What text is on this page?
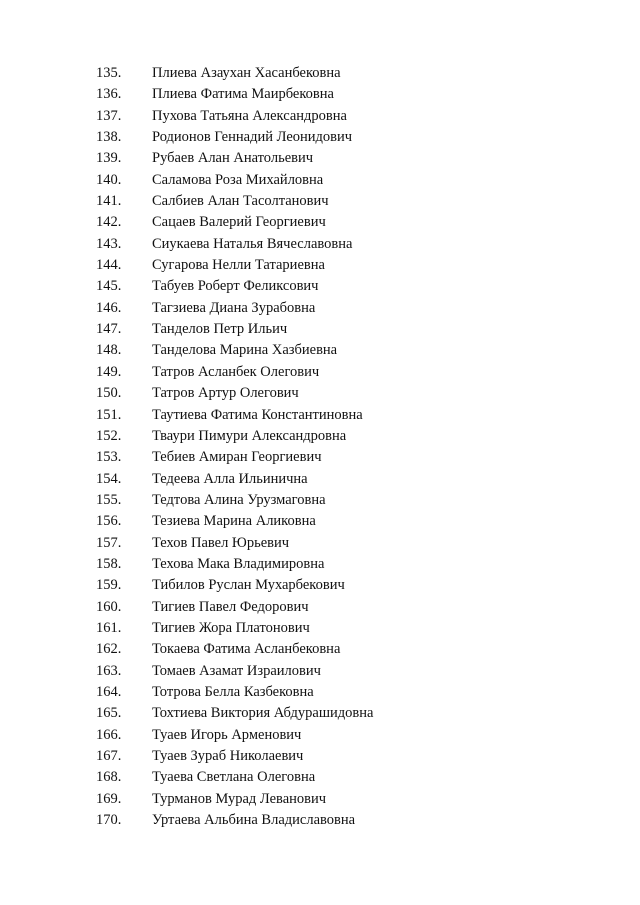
135.	Плиева Азаухан Хасанбековна
136.	Плиева Фатима Маирбековна
137.	Пухова Татьяна Александровна
138.	Родионов Геннадий Леонидович
139.	Рубаев Алан Анатольевич
140.	Саламова Роза Михайловна
141.	Салбиев Алан Тасолтанович
142.	Сацаев Валерий Георгиевич
143.	Сиукаева Наталья Вячеславовна
144.	Сугарова Нелли Татариевна
145.	Табуев Роберт Феликсович
146.	Тагзиева Диана Зурабовна
147.	Танделов Петр Ильич
148.	Танделова Марина Хазбиевна
149.	Татров Асланбек Олегович
150.	Татров Артур Олегович
151.	Таутиева Фатима Константиновна
152.	Тваури Пимури Александровна
153.	Тебиев Амиран Георгиевич
154.	Тедеева Алла Ильинична
155.	Тедтова Алина Урузмаговна
156.	Тезиева Марина Аликовна
157.	Техов Павел Юрьевич
158.	Техова Мака Владимировна
159.	Тибилов Руслан Мухарбекович
160.	Тигиев Павел Федорович
161.	Тигиев Жора Платонович
162.	Токаева Фатима Асланбековна
163.	Томаев Азамат Израилович
164.	Тотрова Белла Казбековна
165.	Тохтиева Виктория Абдурашидовна
166.	Туаев Игорь Арменович
167.	Туаев Зураб Николаевич
168.	Туаева Светлана Олеговна
169.	Турманов Мурад Леванович
170.	Уртаева Альбина Владиславовна
